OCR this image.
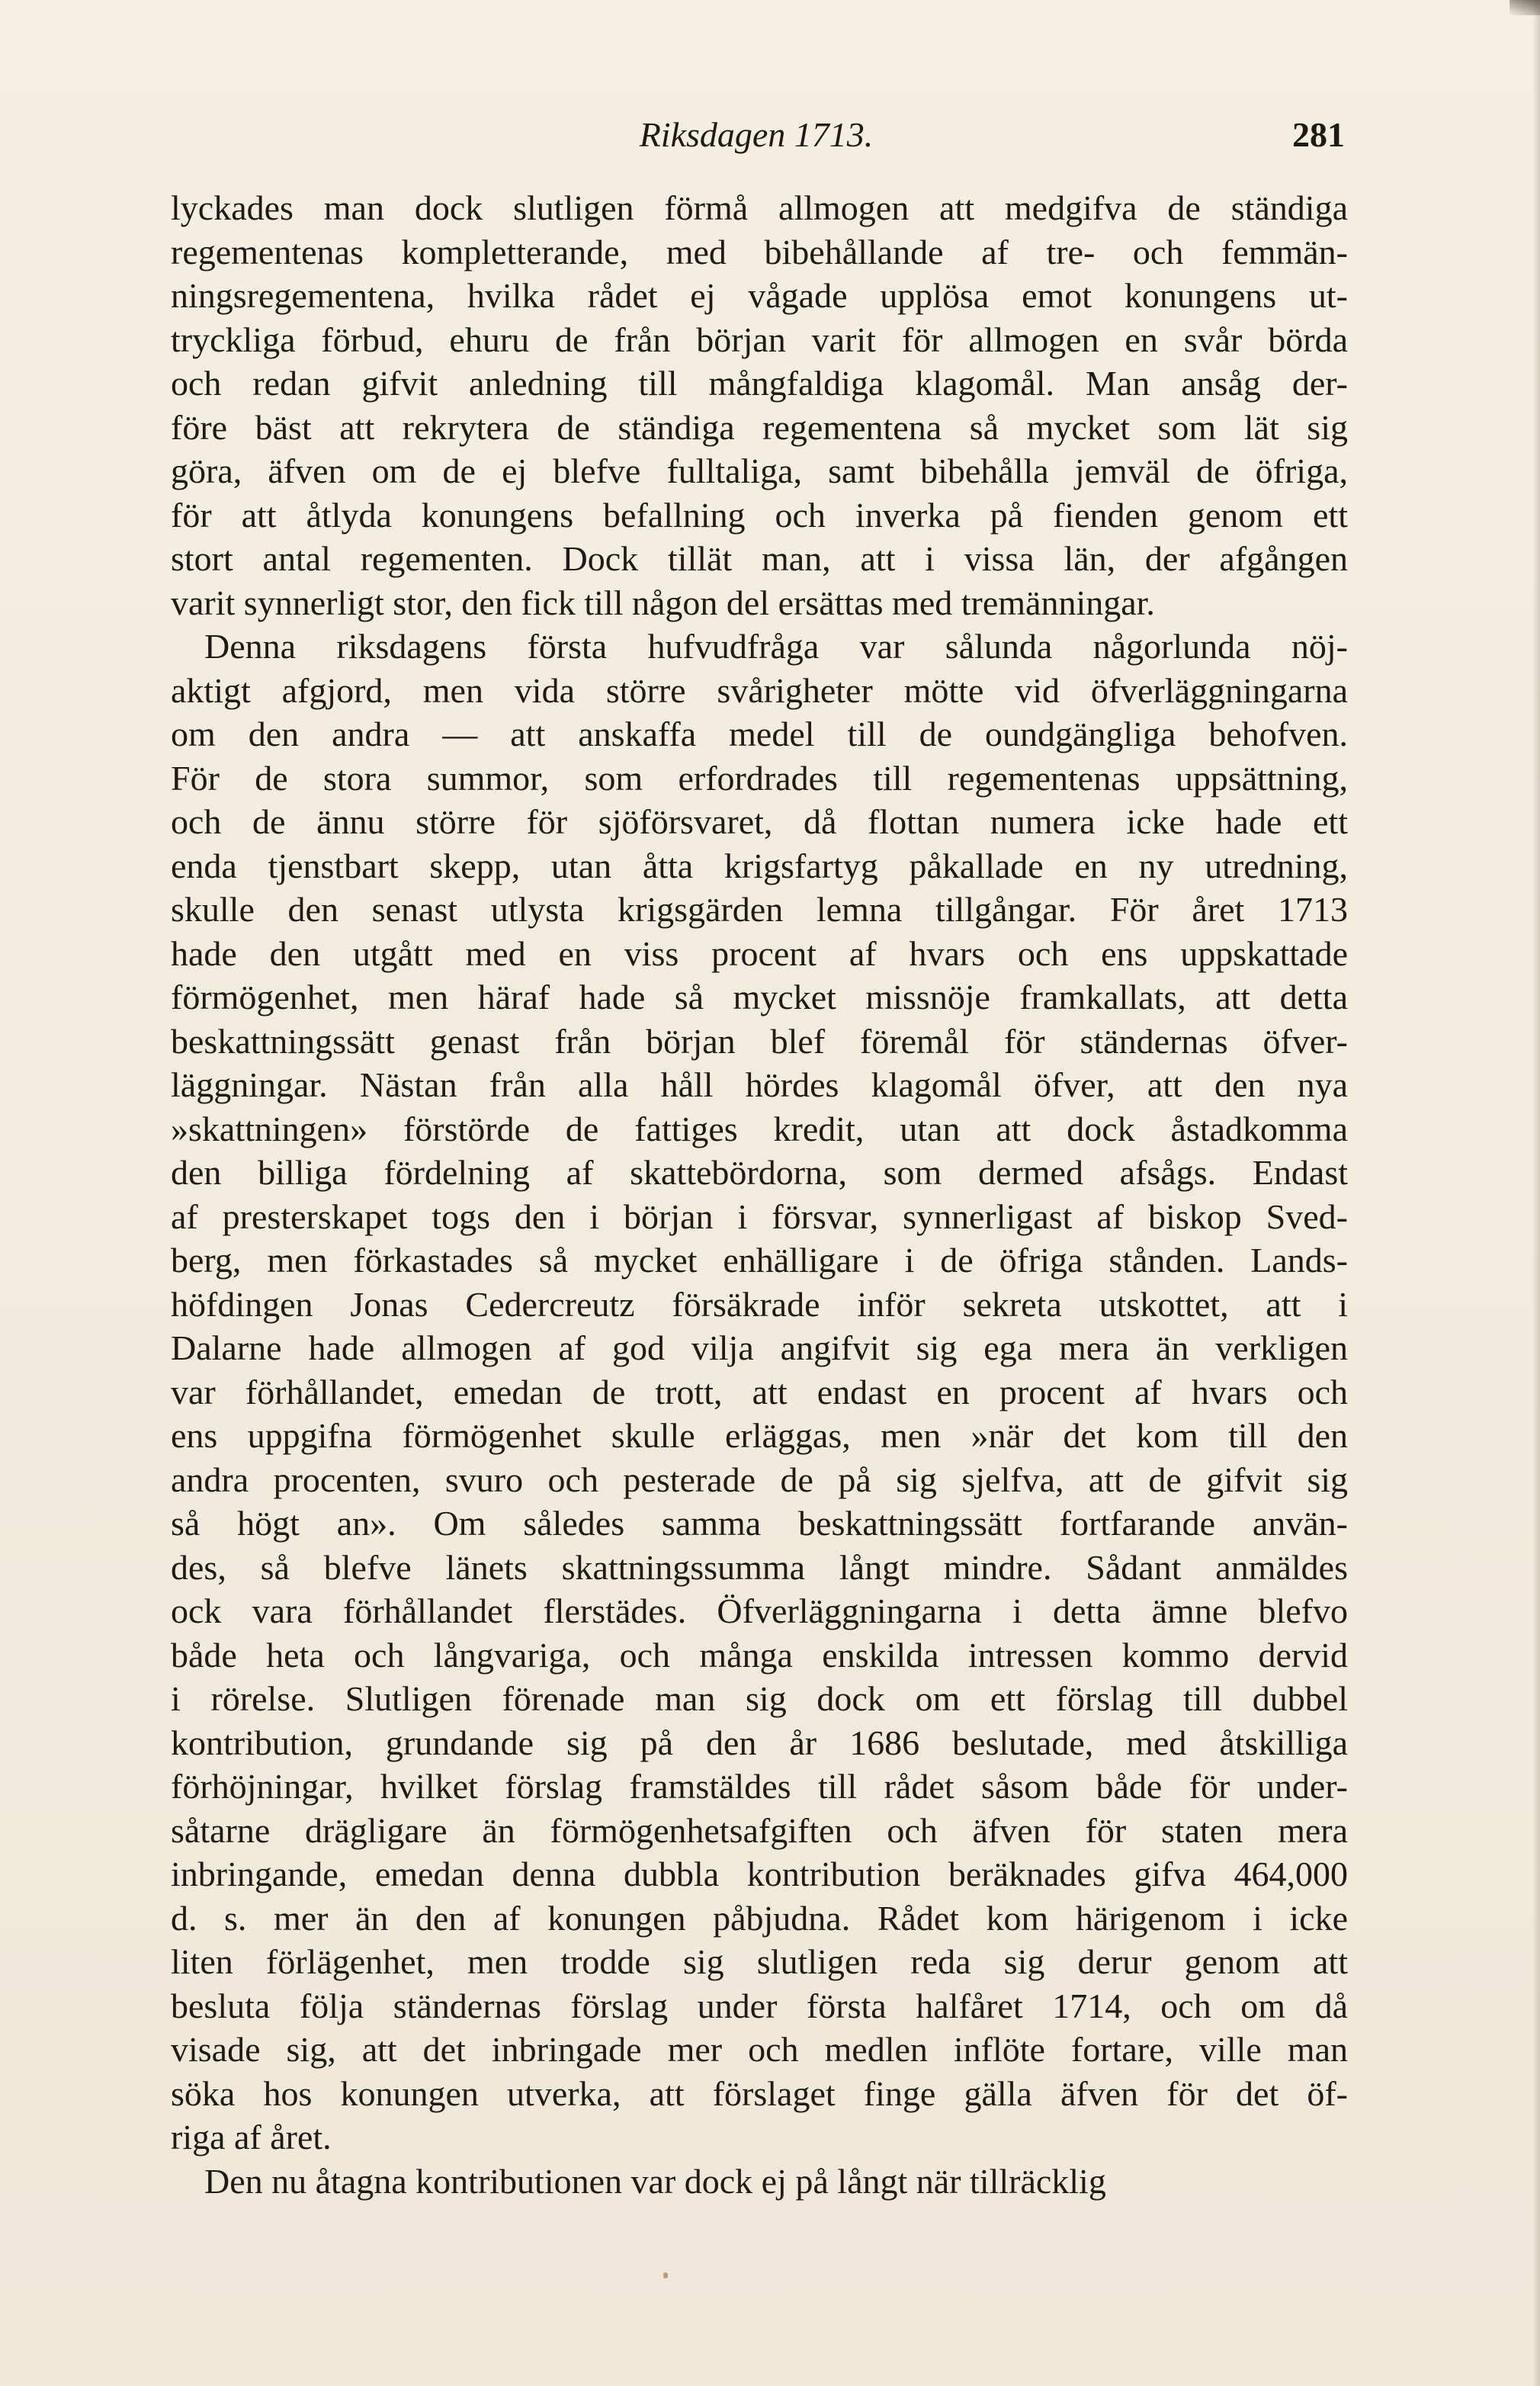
Riksdagen 1713.	281
lyckades man dock slutligen förmå allmogen att medgifva de ständiga
regementenas kompletterande, med bibehållande af tre- och femmän-
ningsregementena, hvilka rådet ej vågade upplösa emot konungens ut-
tryckliga förbud, ehuru de från början varit för allmogen en svår börda
och redan gifvit anledning till mångfaldiga klagomål. Man ansåg der-
före bäst att rekrytera de ständiga regementena så mycket som lät sig
göra, äfven om de ej blefve fulltaliga, samt bibehålla jemväl de öfriga,
för att åtlyda konungens befallning och inverka på fienden genom ett
stort antal regementen. Dock tillät man, att i vissa län, der afgången
varit synnerligt stor, den fick till någon del ersättas med tremänningar.
Denna riksdagens första hufvudfråga var sålunda någorlunda nöj-
aktigt afgjord, men vida större svårigheter mötte vid öfverläggningarna
om den andra — att anskaffa medel till de oundgängliga behofven.
För de stora summor, som erfordrades till regementenas uppsättning,
och de ännu större för sjöförsvaret, då flottan numera icke hade ett
enda tjenstbart skepp, utan åtta krigsfartyg påkallade en ny utredning,
skulle den senast utlysta krigsgärden lemna tillgångar. För året 1713
hade den utgått med en viss procent af hvars och ens uppskattade
förmögenhet, men häraf hade så mycket missnöje framkallats, att detta
beskattningssätt genast från början blef föremål för ständernas öfver-
läggningar. Nästan från alla håll hördes klagomål öfver, att den nya
»skattningen» förstörde de fattiges kredit, utan att dock åstadkomma
den billiga fördelning af skattebördorna, som dermed afsågs. Endast
af presterskapet togs den i början i försvar, synnerligast af biskop Sved-
berg, men förkastades så mycket enhälligare i de öfriga stånden. Lands-
höfdingen Jonas Cedercreutz försäkrade inför sekreta utskottet, att i
Dalarne hade allmogen af god vilja angifvit sig ega mera än verkligen
var förhållandet, emedan de trott, att endast en procent af hvars och
ens uppgifna förmögenhet skulle erläggas, men »när det kom till den
andra procenten, svuro och pesterade de på sig sjelfva, att de gifvit sig
så högt an». Om således samma beskattningssätt fortfarande använ-
des, så blefve länets skattningssumma långt mindre. Sådant anmäldes
ock vara förhållandet flerstädes. Öfverläggningarna i detta ämne blefvo
både heta och långvariga, och många enskilda intressen kommo dervid
i rörelse. Slutligen förenade man sig dock om ett förslag till dubbel
kontribution, grundande sig på den år 1686 beslutade, med åtskilliga
förhöjningar, hvilket förslag framstäldes till rådet såsom både för under-
såtarne drägligare än förmögenhetsafgiften och äfven för staten mera
inbringande, emedan denna dubbla kontribution beräknades gifva 464,000
d. s. mer än den af konungen påbjudna. Rådet kom härigenom i icke
liten förlägenhet, men trodde sig slutligen reda sig derur genom att
besluta följa ständernas förslag under första halfåret 1714, och om då
visade sig, att det inbringade mer och medlen inflöte fortare, ville man
söka hos konungen utverka, att förslaget finge gälla äfven för det öf-
riga af året.
Den nu åtagna kontributionen var dock ej på långt när tillräcklig
